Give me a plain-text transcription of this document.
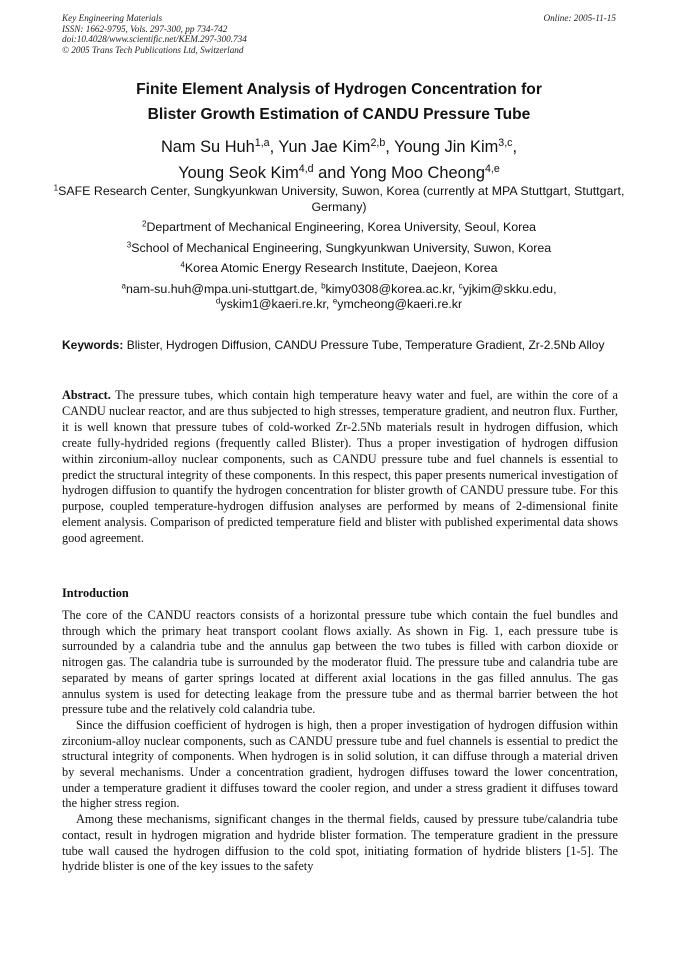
Key Engineering Materials
ISSN: 1662-9795, Vols. 297-300, pp 734-742
doi:10.4028/www.scientific.net/KEM.297-300.734
© 2005 Trans Tech Publications Ltd, Switzerland
Online: 2005-11-15
Finite Element Analysis of Hydrogen Concentration for
Blister Growth Estimation of CANDU Pressure Tube
Nam Su Huh$^{1,a}$, Yun Jae Kim$^{2,b}$, Young Jin Kim$^{3,c}$,
Young Seok Kim$^{4,d}$ and Yong Moo Cheong$^{4,e}$
$^1$SAFE Research Center, Sungkyunkwan University, Suwon, Korea (currently at MPA Stuttgart, Stuttgart, Germany)
$^2$Department of Mechanical Engineering, Korea University, Seoul, Korea
$^3$School of Mechanical Engineering, Sungkyunkwan University, Suwon, Korea
$^4$Korea Atomic Energy Research Institute, Daejeon, Korea
$^a$nam-su.huh@mpa.uni-stuttgart.de, $^b$kimy0308@korea.ac.kr, $^c$yjkim@skku.edu,
$^d$yskim1@kaeri.re.kr, $^e$ymcheong@kaeri.re.kr
Keywords: Blister, Hydrogen Diffusion, CANDU Pressure Tube, Temperature Gradient, Zr-2.5Nb Alloy
Abstract. The pressure tubes, which contain high temperature heavy water and fuel, are within the core of a CANDU nuclear reactor, and are thus subjected to high stresses, temperature gradient, and neutron flux. Further, it is well known that pressure tubes of cold-worked Zr-2.5Nb materials result in hydrogen diffusion, which create fully-hydrided regions (frequently called Blister). Thus a proper investigation of hydrogen diffusion within zirconium-alloy nuclear components, such as CANDU pressure tube and fuel channels is essential to predict the structural integrity of these components. In this respect, this paper presents numerical investigation of hydrogen diffusion to quantify the hydrogen concentration for blister growth of CANDU pressure tube. For this purpose, coupled temperature-hydrogen diffusion analyses are performed by means of 2-dimensional finite element analysis. Comparison of predicted temperature field and blister with published experimental data shows good agreement.
Introduction

The core of the CANDU reactors consists of a horizontal pressure tube which contain the fuel bundles and through which the primary heat transport coolant flows axially. As shown in Fig. 1, each pressure tube is surrounded by a calandria tube and the annulus gap between the two tubes is filled with carbon dioxide or nitrogen gas. The calandria tube is surrounded by the moderator fluid. The pressure tube and calandria tube are separated by means of garter springs located at different axial locations in the gas filled annulus. The gas annulus system is used for detecting leakage from the pressure tube and as thermal barrier between the hot pressure tube and the relatively cold calandria tube.

Since the diffusion coefficient of hydrogen is high, then a proper investigation of hydrogen diffusion within zirconium-alloy nuclear components, such as CANDU pressure tube and fuel channels is essential to predict the structural integrity of components. When hydrogen is in solid solution, it can diffuse through a material driven by several mechanisms. Under a concentration gradient, hydrogen diffuses toward the lower concentration, under a temperature gradient it diffuses toward the cooler region, and under a stress gradient it diffuses toward the higher stress region.

Among these mechanisms, significant changes in the thermal fields, caused by pressure tube/calandria tube contact, result in hydrogen migration and hydride blister formation. The temperature gradient in the pressure tube wall caused the hydrogen diffusion to the cold spot, initiating formation of hydride blisters [1-5]. The hydride blister is one of the key issues to the safety
